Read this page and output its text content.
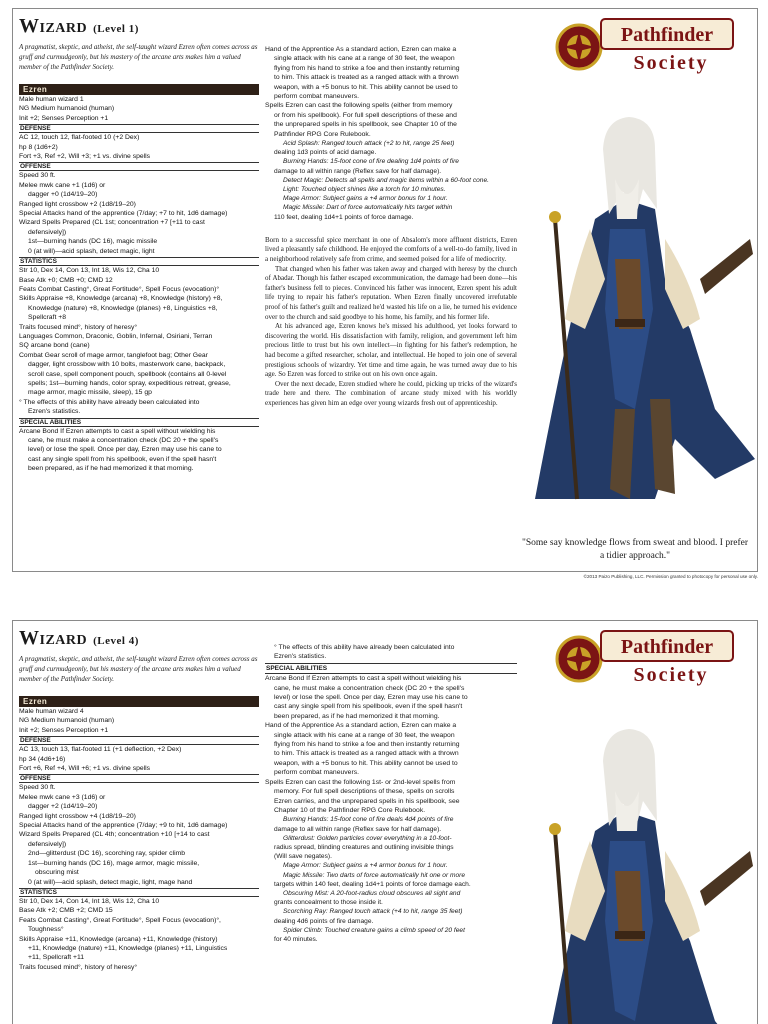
Wizard (Level 1)
A pragmatist, skeptic, and atheist, the self-taught wizard Ezren often comes across as gruff and curmudgeonly, but his mastery of the arcane arts makes him a valued member of the Pathfinder Society.
Ezren
Male human wizard 1
NG Medium humanoid (human)
Init +2; Senses Perception +1
DEFENSE
AC 12, touch 12, flat-footed 10 (+2 Dex)
hp 8 (1d6+2)
Fort +3, Ref +2, Will +3; +1 vs. divine spells
OFFENSE
Speed 30 ft.
Melee mwk cane +1 (1d6) or
dagger +0 (1d4/19–20)
Ranged light crossbow +2 (1d8/19–20)
Special Attacks hand of the apprentice (7/day; +7 to hit, 1d6 damage)
Wizard Spells Prepared (CL 1st; concentration +7 [+11 to cast
defensively])
1st—burning hands (DC 16), magic missile
0 (at will)—acid splash, detect magic, light
STATISTICS
Str 10, Dex 14, Con 13, Int 18, Wis 12, Cha 10
Base Atk +0; CMB +0; CMD 12
Feats Combat Casting°, Great Fortitude°, Spell Focus (evocation)°
Skills Appraise +8, Knowledge (arcana) +8, Knowledge (history) +8,
Knowledge (nature) +8, Knowledge (planes) +8, Linguistics +8,
Spellcraft +8
Traits focused mind°, history of heresy°
Languages Common, Draconic, Goblin, Infernal, Osiriani, Terran
SQ arcane bond (cane)
Combat Gear scroll of mage armor, tanglefoot bag; Other Gear
dagger, light crossbow with 10 bolts, masterwork cane, backpack,
scroll case, spell component pouch, spellbook (contains all 0-level
spells; 1st—burning hands, color spray, expeditious retreat, grease,
mage armor, magic missile, sleep), 15 gp
° The effects of this ability have already been calculated into
Ezren's statistics.
SPECIAL ABILITIES
Arcane Bond If Ezren attempts to cast a spell without wielding his
cane, he must make a concentration check (DC 20 + the spell's
level) or lose the spell. Once per day, Ezren may use his cane to
cast any single spell from his spellbook, even if the spell hasn't
been prepared, as if he had memorized it that morning.
Hand of the Apprentice As a standard action, Ezren can make a
single attack with his cane at a range of 30 feet, the weapon
flying from his hand to strike a foe and then instantly returning
to him. This attack is treated as a ranged attack with a thrown
weapon, with a +5 bonus to hit. This ability cannot be used to
perform combat maneuvers.
Spells Ezren can cast the following spells (either from memory
or from his spellbook). For full spell descriptions of these and
the unprepared spells in his spellbook, see Chapter 10 of the
Pathfinder RPG Core Rulebook.
Acid Splash: Ranged touch attack (+2 to hit, range 25 feet)
dealing 1d3 points of acid damage.
Burning Hands: 15-foot cone of fire dealing 1d4 points of fire
damage to all within range (Reflex save for half damage).
Detect Magic: Detects all spells and magic items within a 60-foot cone.
Light: Touched object shines like a torch for 10 minutes.
Mage Armor: Subject gains a +4 armor bonus for 1 hour.
Magic Missile: Dart of force automatically hits target within
110 feet, dealing 1d4+1 points of force damage.

Born to a successful spice merchant in one of Absalom's more affluent districts, Ezren lived a pleasantly safe childhood. He enjoyed the comforts of a well-to-do family, lived in a neighborhood relatively safe from crime, and seemed poised for a life of mediocrity.

That changed when his father was taken away and charged with heresy by the church of Abadar. Though his father escaped excommunication, the damage had been done—his father's business fell to pieces. Convinced his father was innocent, Ezren spent his adult life trying to repair his father's reputation. When Ezren finally uncovered irrefutable proof of his father's guilt and realized he'd wasted his life on a lie, he turned his evidence over to the church and said goodbye to his home, his family, and his former life.

At his advanced age, Ezren knows he's missed his adulthood, yet looks forward to discovering the world. His dissatisfaction with family, religion, and government left him precious little to trust but his own intellect—in fighting for his father's redemption, he had become a gifted researcher, scholar, and intellectual. He hoped to join one of several prestigious schools of wizardry. Yet time and time again, he was turned away due to his age. So Ezren was forced to strike out on his own once again.

Over the next decade, Ezren studied where he could, picking up tricks of the wizard's trade here and there. The combination of arcane study mixed with his worldly experiences has given him an edge over young wizards fresh out of apprenticeship.

Pathfinder
Society
"Some say knowledge flows from sweat and blood. I prefer a tidier approach."
©2013 Paizo Publishing, LLC. Permission granted to photocopy for personal use only.
Wizard (Level 4)
A pragmatist, skeptic, and atheist, the self-taught wizard Ezren often comes across as gruff and curmudgeonly, but his mastery of the arcane arts makes him a valued member of the Pathfinder Society.
Ezren
Male human wizard 4
NG Medium humanoid (human)
Init +2; Senses Perception +1
DEFENSE
AC 13, touch 13, flat-footed 11 (+1 deflection, +2 Dex)
hp 34 (4d6+16)
Fort +6, Ref +4, Will +6; +1 vs. divine spells
OFFENSE
Speed 30 ft.
Melee mwk cane +3 (1d6) or
dagger +2 (1d4/19–20)
Ranged light crossbow +4 (1d8/19–20)
Special Attacks hand of the apprentice (7/day; +9 to hit, 1d6 damage)
Wizard Spells Prepared (CL 4th; concentration +10 [+14 to cast
defensively])
2nd—glitterdust (DC 16), scorching ray, spider climb
1st—burning hands (DC 16), mage armor, magic missile,
obscuring mist
0 (at will)—acid splash, detect magic, light, mage hand
STATISTICS
Str 10, Dex 14, Con 14, Int 18, Wis 12, Cha 10
Base Atk +2; CMB +2; CMD 15
Feats Combat Casting°, Great Fortitude°, Spell Focus (evocation)°,
Toughness°
Skills Appraise +11, Knowledge (arcana) +11, Knowledge (history)
+11, Knowledge (nature) +11, Knowledge (planes) +11, Linguistics
+11, Spellcraft +11
Traits focused mind°, history of heresy°
° The effects of this ability have already been calculated into
Ezren's statistics.
SPECIAL ABILITIES
Arcane Bond If Ezren attempts to cast a spell without wielding his
cane, he must make a concentration check (DC 20 + the spell's
level) or lose the spell. Once per day, Ezren may use his cane to
cast any single spell from his spellbook, even if the spell hasn't
been prepared, as if he had memorized it that morning.
Hand of the Apprentice As a standard action, Ezren can make a
single attack with his cane at a range of 30 feet, the weapon
flying from his hand to strike a foe and then instantly returning
to him. This attack is treated as a ranged attack with a thrown
weapon, with a +5 bonus to hit. This ability cannot be used to
perform combat maneuvers.
Spells Ezren can cast the following 1st- or 2nd-level spells from
memory. For full spell descriptions of these, spells on scrolls
Ezren carries, and the unprepared spells in his spellbook, see
Chapter 10 of the Pathfinder RPG Core Rulebook.
Burning Hands: 15-foot cone of fire deals 4d4 points of fire
damage to all within range (Reflex save for half damage).
Glitterdust: Golden particles cover everything in a 10-foot-
radius spread, blinding creatures and outlining invisible things
(Will save negates).
Mage Armor: Subject gains a +4 armor bonus for 1 hour.
Magic Missile: Two darts of force automatically hit one or more
targets within 140 feet, dealing 1d4+1 points of force damage each.
Obscuring Mist: A 20-foot-radius cloud obscures all sight and
grants concealment to those inside it.
Scorching Ray: Ranged touch attack (+4 to hit, range 35 feet)
dealing 4d6 points of fire damage.
Spider Climb: Touched creature gains a climb speed of 20 feet
for 40 minutes.
Pathfinder
Society
